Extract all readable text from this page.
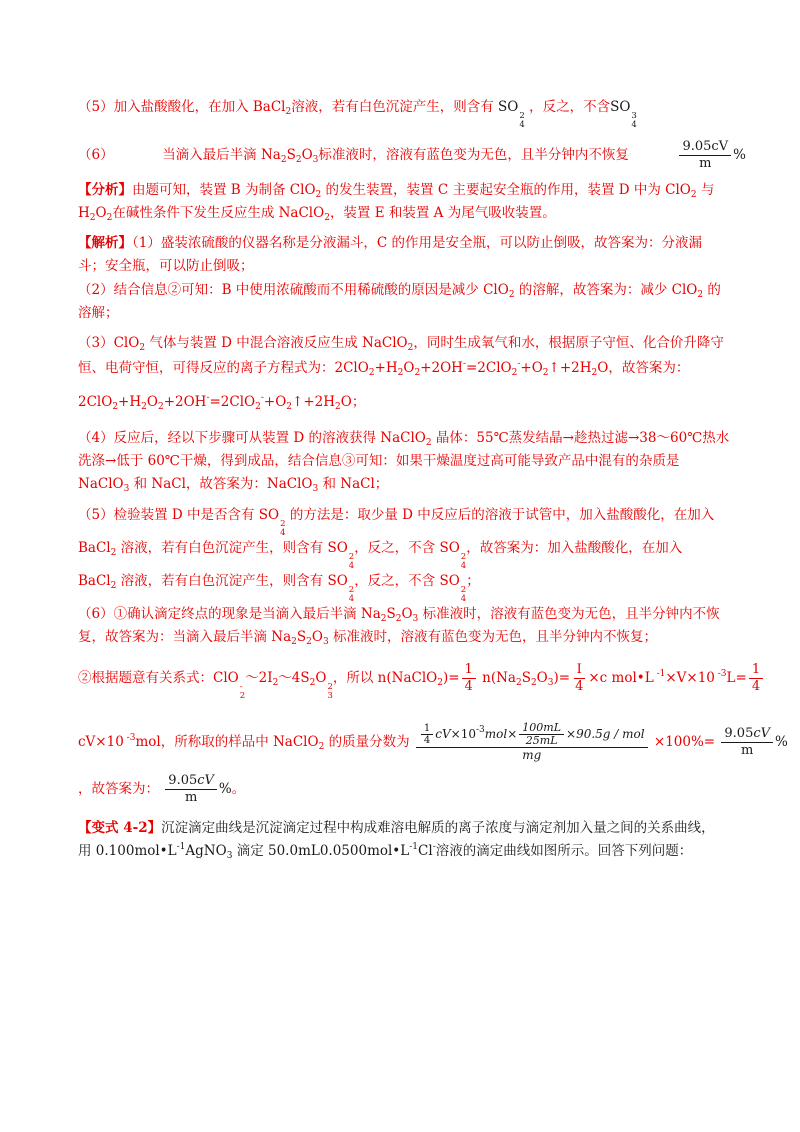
（5）加入盐酸酸化，在加入 BaCl$_2$溶液，若有白色沉淀产生，则含有 SO
2
4
，反之，不含SO
3
4
（6）	当滴入最后半滴 $Na_2S_2O_3$标准液时，溶液有蓝色变为无色，且半分钟内不恢复	$\frac{9.05cV}{m}$ %
【分析】由题可知，装置 B 为制备 ClO$_2$ 的发生装置，装置 C 主要起安全瓶的作用，装置 D 中为 ClO$_2$ 与
$H_2O_2$在碱性条件下发生反应生成 NaClO$_2$，装置 E 和装置 A 为尾气吸收装置。
【解析】（1）盛装浓硫酸的仪器名称是分液漏斗，C 的作用是安全瓶，可以防止倒吸，故答案为：分液漏
斗；安全瓶，可以防止倒吸；
（2）结合信息②可知：B 中使用浓硫酸而不用稀硫酸的原因是减少 ClO$_2$ 的溶解，故答案为：减少 ClO$_2$ 的
溶解；
（3）ClO$_2$ 气体与装置 D 中混合溶液反应生成 NaClO$_2$，同时生成氧气和水，根据原子守恒、化合价升降守
恒、电荷守恒，可得反应的离子方程式为：$2ClO_2+H_2O_2+2OH^-=2ClO_2^-+O_2↑+2H_2O$，故答案为：
$2ClO_2+H_2O_2+2OH^-=2ClO_2^-+O_2↑+2H_2O$；
（4）反应后，经以下步骤可从装置 D 的溶液获得 NaClO$_2$ 晶体：55℃蒸发结晶→趁热过滤→38～60℃热水
洗涤→低于 60℃干燥，得到成品，结合信息③可知：如果干燥温度过高可能导致产品中混有的杂质是
NaClO$_3$ 和 NaCl，故答案为：NaClO$_3$ 和 NaCl；
（5）检验装置 D 中是否含有 SO
2
4
的方法是：取少量 D 中反应后的溶液于试管中，加入盐酸酸化，在加入
BaCl$_2$ 溶液，若有白色沉淀产生，则含有 SO
2
4
，反之，不含 SO
2
4
，故答案为：加入盐酸酸化，在加入
BaCl$_2$ 溶液，若有白色沉淀产生，则含有 SO
2
4
，反之，不含 SO
2
4
；
（6）①确认滴定终点的现象是当滴入最后半滴 $Na_2S_2O_3$ 标准液时，溶液有蓝色变为无色，且半分钟内不恢
复，故答案为：当滴入最后半滴 $Na_2S_2O_3$ 标准液时，溶液有蓝色变为无色，且半分钟内不恢复；
②根据题意有关系式：ClO
-
2
$\sim 2I_2\sim 4S_2O$
2
3
，所以 n(NaClO$_2$)= $\frac{1}{4} n(Na_2S_2O_3)= \frac{I}{4} \times c$ mol•L $^{-1}$×V×10 $^{-3}L= \frac{1}{4}$
cV×10 $^{-3}$mol，所称取的样品中 NaClO$_2$ 的质量分数为 $\frac{\frac{1}{4} cV\times 10^{-3}mol\times \frac{100mL}{25mL} \times 90.5g / mol}{mg} \times 100\%= \frac{9.05cV}{m}$ %
，故答案为： $\frac{9.05cV}{m}$ %。
【变式 4-2】沉淀滴定曲线是沉淀滴定过程中构成难溶电解质的离子浓度与滴定剂加入量之间的关系曲线，
用 $0.100mol•L^{-1}AgNO_3$ 滴定 $50.0mL0.0500mol•L^{-1}Cl^-$溶液的滴定曲线如图所示。回答下列问题：
